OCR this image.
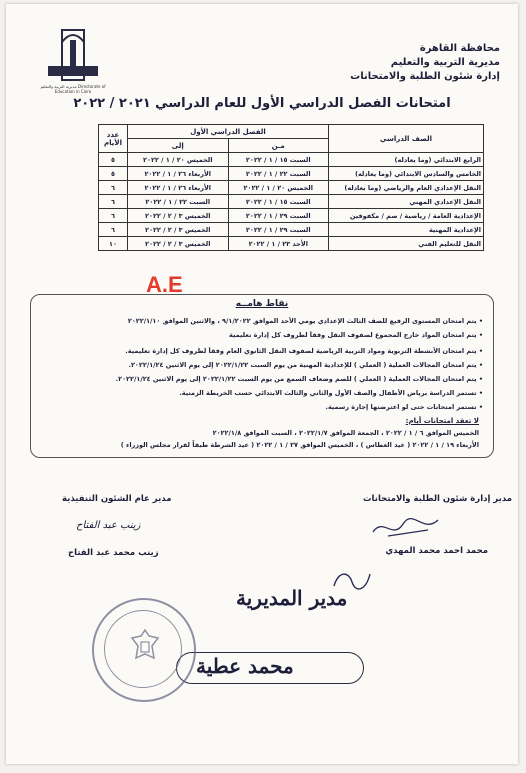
محافظة القاهرة
مديرية التربية والتعليم
إدارة شئون الطلبة والامتحانات
مديرية التربية والتعليم Directorate of Education in Cairo
امتحانات الفصل الدراسي الأول للعام الدراسي ٢٠٢١ / ٢٠٢٢
الصف الدراسي	الفصل الدراسي الأول		عدد الأيام
	مـن	إلى	
الرابع الابتدائي (وما يعادله)	السبت ١٥ / ١ / ٢٠٢٢	الخميس ٢٠ / ١ / ٢٠٢٢	٥
الخامس والسادس الابتدائي (وما يعادله)	السبت ٢٢ / ١ / ٢٠٢٢	الأربعاء ٢٦ / ١ / ٢٠٢٢	٥
النقل الإعدادي العام والرياضي (وما يعادله)	الخميس ٢٠ / ١ / ٢٠٢٢	الأربعاء ٢٦ / ١ / ٢٠٢٢	٦
النقل الإعدادي المهني	السبت ١٥ / ١ / ٢٠٢٢	السبت ٢٢ / ١ / ٢٠٢٢	٦
الإعدادية العامة / رياضية / صم / مكفوفين	السبت ٢٩ / ١ / ٢٠٢٢	الخميس ٣ / ٢ / ٢٠٢٢	٦
الإعدادية المهنية	السبت ٢٩ / ١ / ٢٠٢٢	الخميس ٣ / ٢ / ٢٠٢٢	٦
النقل للتعليم الفني	الأحد ٢٣ / ١ / ٢٠٢٢	الخميس ٣ / ٢ / ٢٠٢٢	١٠
A.E
نقاط هامــه
• يتم امتحان المستوى الرفيع للصف الثالث الإعدادي يومي الأحد الموافق ٩/١/٢٠٢٢ ، والاثنين الموافق ٢٠٢٢/١/١٠
• يتم امتحان المواد خارج المجموع لصفوف النقل وفقاً لظروف كل إدارة تعليمية
• يتم امتحان الأنشطة التربوية ومواد التربية الرياضية لصفوف النقل الثانوي العام وفقاً لظروف كل إدارة تعليمية.
• يتم امتحان المجالات العملية ( العملي ) للإعدادية المهنية من يوم السبت ٢٠٢٢/١/٢٢ إلى يوم الاثنين ٢٠٢٢/١/٢٤.
• يتم امتحان المجالات العملية ( العملي ) للصم وضعاف السمع من يوم السبت ٢٠٢٢/١/٢٢ إلى يوم الاثنين ٢٠٢٢/١/٢٤.
• تستمر الدراسة برياض الأطفال والصف الأول والثاني والثالث الابتدائي حسب الخريطة الزمنية.
• تستمر امتحانات حتى لو اعترضتها إجازة رسمية.
لا تعقد امتحانات أيام:
الخميس الموافق ٦ / ١ / ٢٠٢٢ ، الجمعة الموافق ٢٠٢٢/١/٧ ، السبت الموافق ٢٠٢٢/١/٨
الأربعاء ١٩ / ١ / ٢٠٢٢ ( عيد الغطاس ) ، الخميس الموافق ٢٧ / ١ / ٢٠٢٢ ( عيد الشرطة طبقاً لقرار مجلس الوزراء )
مدير إدارة شئون الطلبة والامتحانات
محمد احمد محمد المهدي
مدير عام الشئون التنفيذية
زينب عبد الفتاح
زينب محمد عبد الفتاح
مدير المديرية
محمد عطية
